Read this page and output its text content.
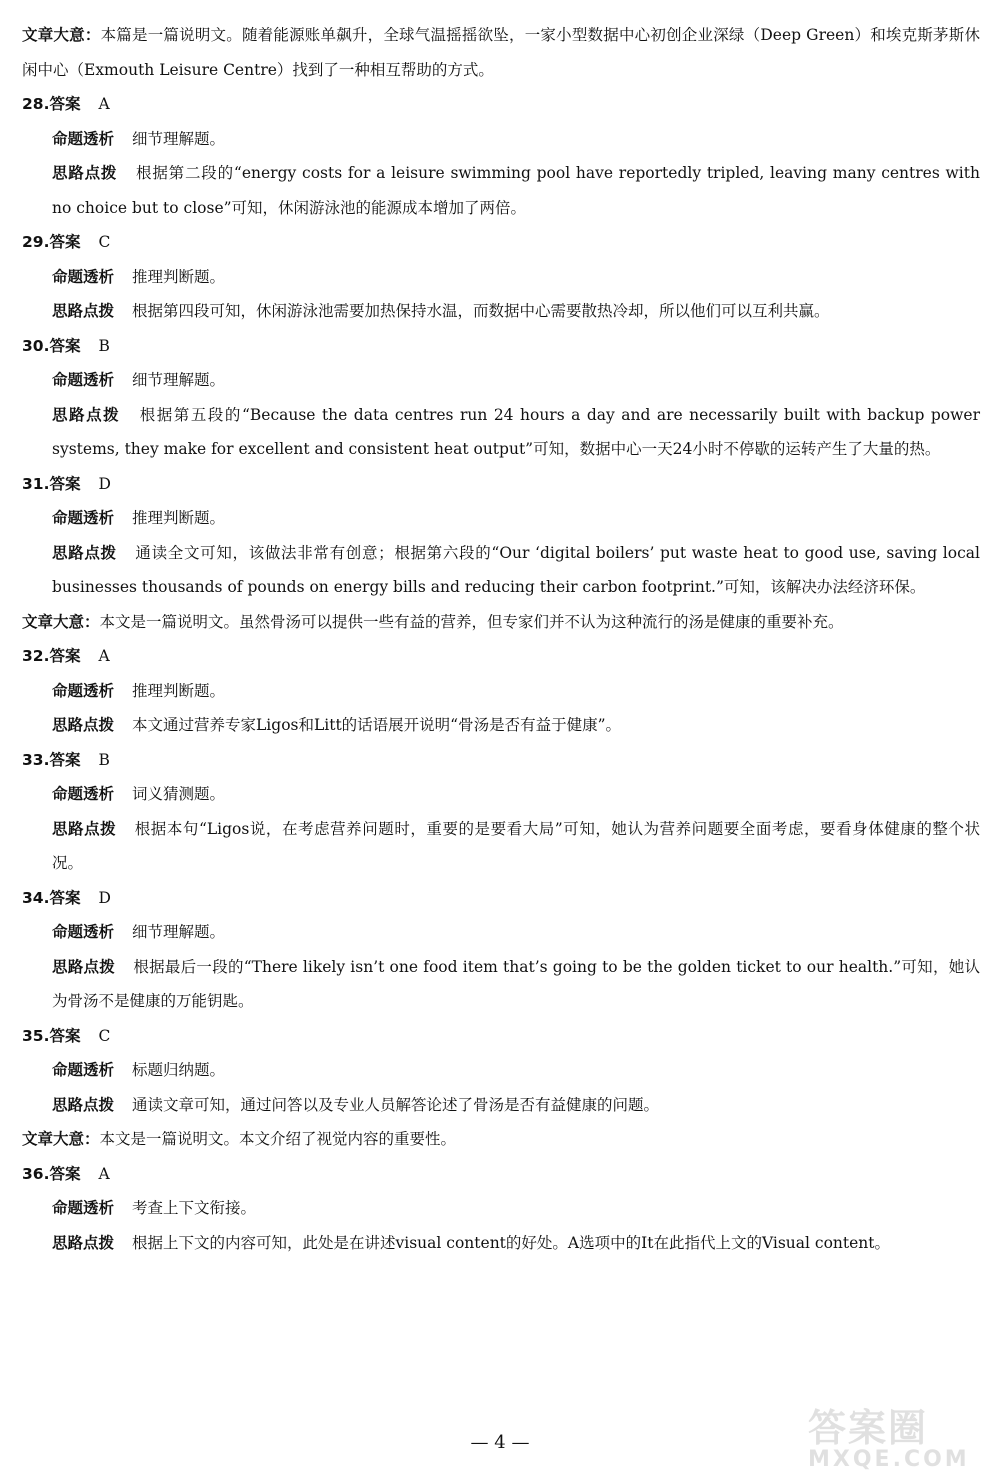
文章大意：本篇是一篇说明文。随着能源账单飙升，全球气温摇摇欲坠，一家小型数据中心初创企业深绿（Deep Green）和埃克斯茅斯休闲中心（Exmouth Leisure Centre）找到了一种相互帮助的方式。

28.答案 A

命题透析 细节理解题。

思路点拨 根据第二段的“energy costs for a leisure swimming pool have reportedly tripled, leaving many centres with no choice but to close”可知，休闲游泳池的能源成本增加了两倍。

29.答案 C

命题透析 推理判断题。

思路点拨 根据第四段可知，休闲游泳池需要加热保持水温，而数据中心需要散热冷却，所以他们可以互利共赢。

30.答案 B

命题透析 细节理解题。

思路点拨 根据第五段的“Because the data centres run 24 hours a day and are necessarily built with backup power systems, they make for excellent and consistent heat output”可知，数据中心一天24小时不停歇的运转产生了大量的热。

31.答案 D

命题透析 推理判断题。

思路点拨 通读全文可知，该做法非常有创意；根据第六段的“Our ‘digital boilers’ put waste heat to good use, saving local businesses thousands of pounds on energy bills and reducing their carbon footprint.”可知，该解决办法经济环保。

文章大意：本文是一篇说明文。虽然骨汤可以提供一些有益的营养，但专家们并不认为这种流行的汤是健康的重要补充。

32.答案 A

命题透析 推理判断题。

思路点拨 本文通过营养专家Ligos和Litt的话语展开说明“骨汤是否有益于健康”。

33.答案 B

命题透析 词义猜测题。

思路点拨 根据本句“Ligos说，在考虑营养问题时，重要的是要看大局”可知，她认为营养问题要全面考虑，要看身体健康的整个状况。

34.答案 D

命题透析 细节理解题。

思路点拨 根据最后一段的“There likely isn’t one food item that’s going to be the golden ticket to our health.”可知，她认为骨汤不是健康的万能钥匙。

35.答案 C

命题透析 标题归纳题。

思路点拨 通读文章可知，通过问答以及专业人员解答论述了骨汤是否有益健康的问题。

文章大意：本文是一篇说明文。本文介绍了视觉内容的重要性。

36.答案 A

命题透析 考查上下文衔接。

思路点拨 根据上下文的内容可知，此处是在讲述visual content的好处。A选项中的It在此指代上文的Visual content。

— 4 —	答案圈
MXQE.COM
